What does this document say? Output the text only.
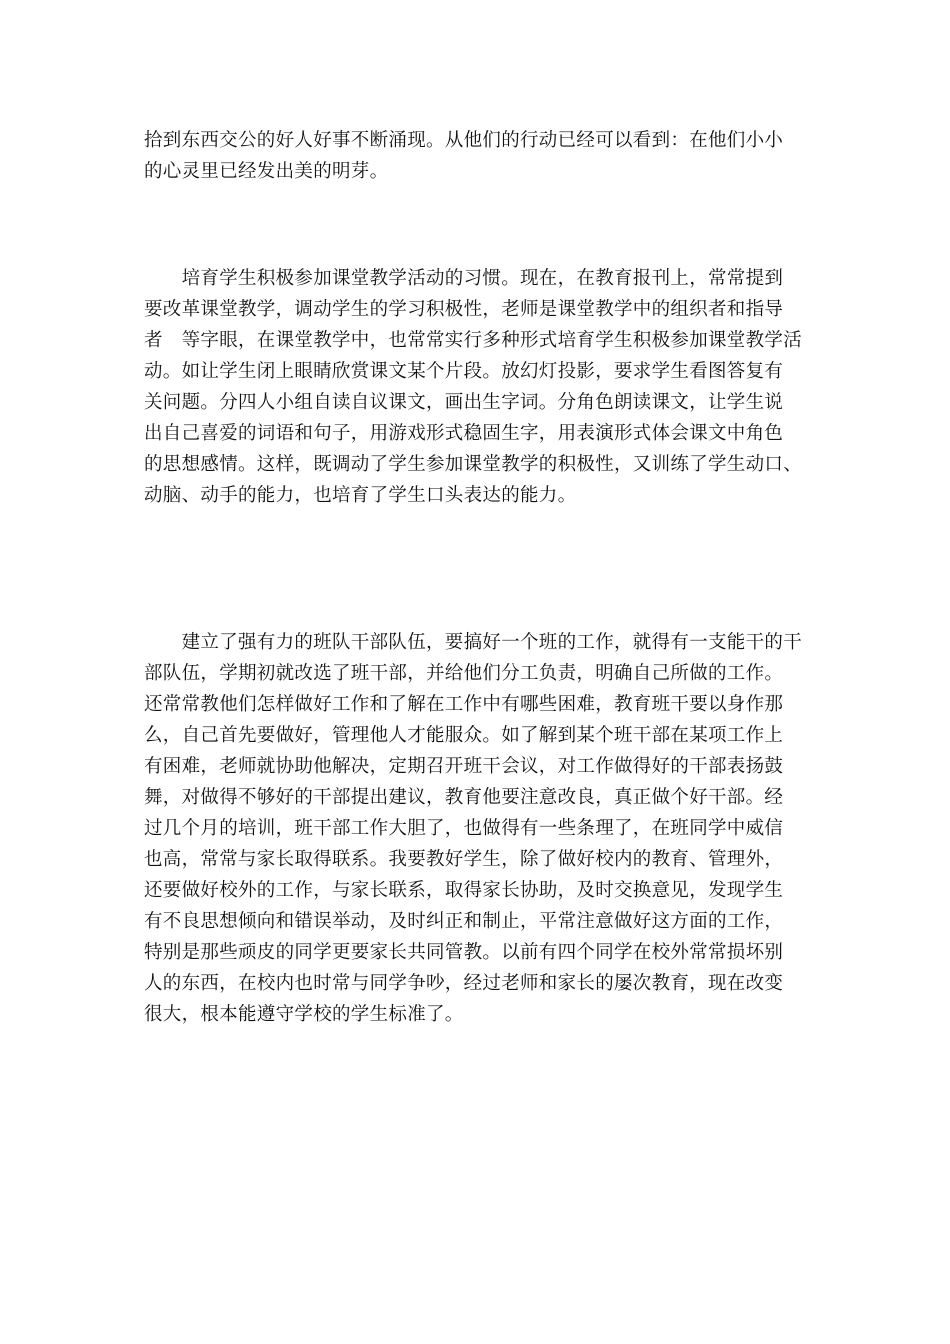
拾到东西交公的好人好事不断涌现。从他们的行动已经可以看到：在他们小小
的心灵里已经发出美的明芽。

　　培育学生积极参加课堂教学活动的习惯。现在，在教育报刊上，常常提到
要改革课堂教学，调动学生的学习积极性，老师是课堂教学中的组织者和指导
者　等字眼，在课堂教学中，也常常实行多种形式培育学生积极参加课堂教学活
动。如让学生闭上眼睛欣赏课文某个片段。放幻灯投影，要求学生看图答复有
关问题。分四人小组自读自议课文，画出生字词。分角色朗读课文，让学生说
出自己喜爱的词语和句子，用游戏形式稳固生字，用表演形式体会课文中角色
的思想感情。这样，既调动了学生参加课堂教学的积极性，又训练了学生动口、
动脑、动手的能力，也培育了学生口头表达的能力。

　　建立了强有力的班队干部队伍，要搞好一个班的工作，就得有一支能干的干
部队伍，学期初就改选了班干部，并给他们分工负责，明确自己所做的工作。
还常常教他们怎样做好工作和了解在工作中有哪些困难，教育班干要以身作那
么，自己首先要做好，管理他人才能服众。如了解到某个班干部在某项工作上
有困难，老师就协助他解决，定期召开班干会议，对工作做得好的干部表扬鼓
舞，对做得不够好的干部提出建议，教育他要注意改良，真正做个好干部。经
过几个月的培训，班干部工作大胆了，也做得有一些条理了，在班同学中威信
也高，常常与家长取得联系。我要教好学生，除了做好校内的教育、管理外，
还要做好校外的工作，与家长联系，取得家长协助，及时交换意见，发现学生
有不良思想倾向和错误举动，及时纠正和制止，平常注意做好这方面的工作，
特别是那些顽皮的同学更要家长共同管教。以前有四个同学在校外常常损坏别
人的东西，在校内也时常与同学争吵，经过老师和家长的屡次教育，现在改变
很大，根本能遵守学校的学生标准了。
